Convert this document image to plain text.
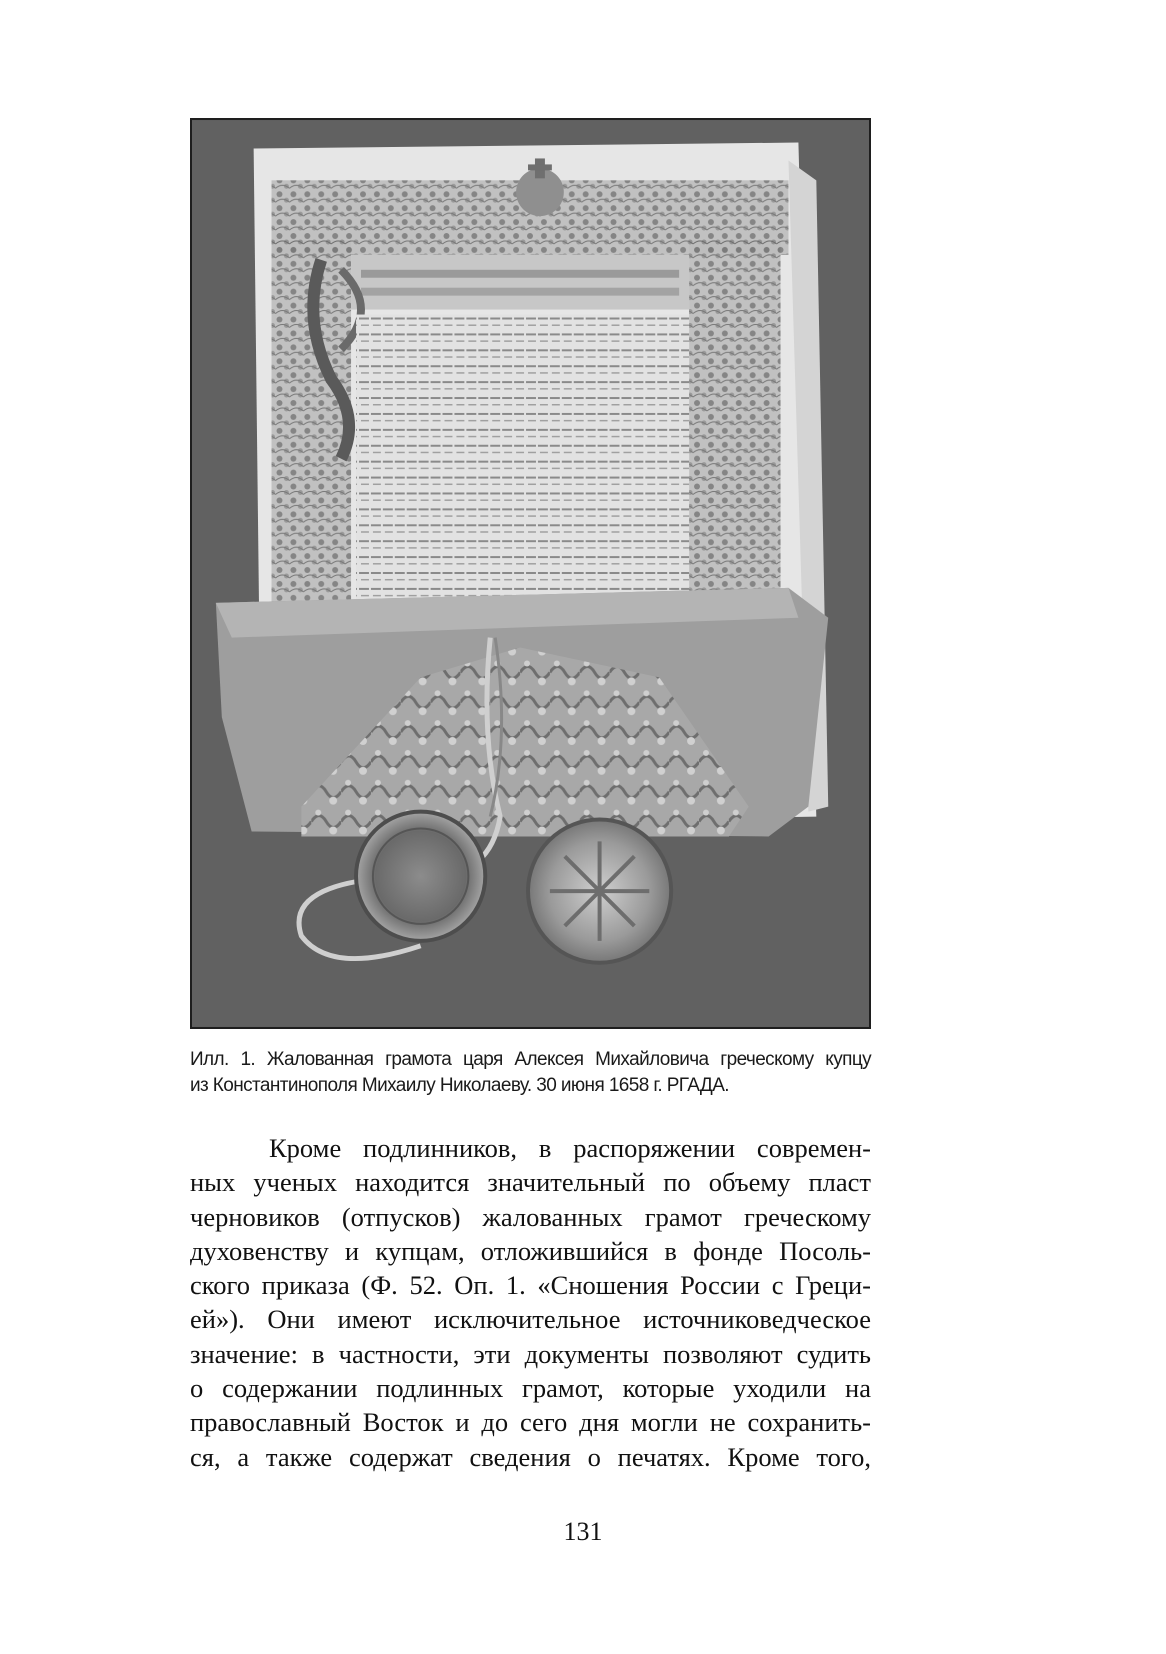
Илл. 1. Жалованная грамота царя Алексея Михайловича греческому купцу
из Константинополя Михаилу Николаеву. 30 июня 1658 г. РГАДА.
Кроме подлинников, в распоряжении современ-
ных ученых находится значительный по объему пласт
черновиков (отпусков) жалованных грамот греческому
духовенству и купцам, отложившийся в фонде Посоль-
ского приказа (Ф. 52. Оп. 1. «Сношения России с Греци-
ей»). Они имеют исключительное источниковедческое
значение: в частности, эти документы позволяют судить
о содержании подлинных грамот, которые уходили на
православный Восток и до сего дня могли не сохранить-
ся, а также содержат сведения о печатях. Кроме того,
131
